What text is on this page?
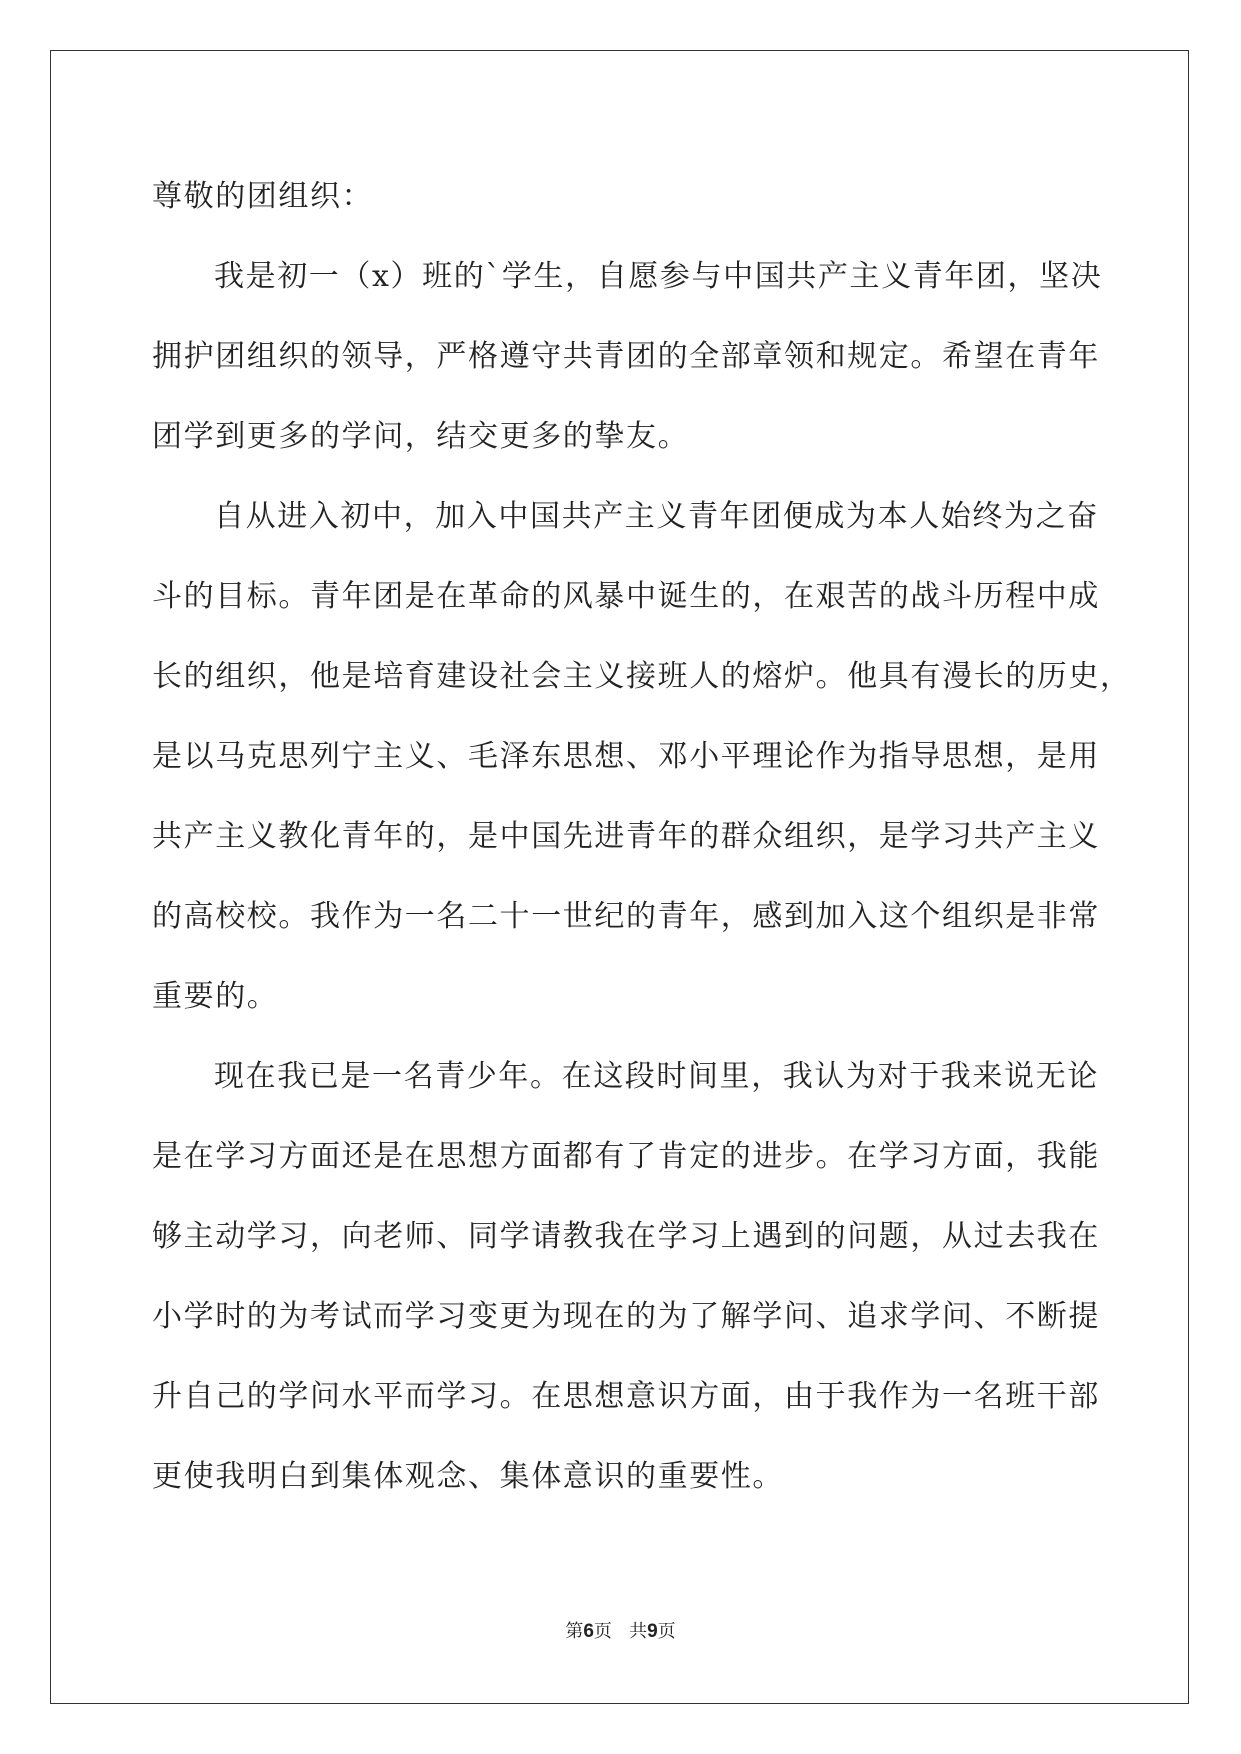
尊敬的团组织：
我是初一（x）班的`学生，自愿参与中国共产主义青年团，坚决
拥护团组织的领导，严格遵守共青团的全部章领和规定。希望在青年
团学到更多的学问，结交更多的挚友。
自从进入初中，加入中国共产主义青年团便成为本人始终为之奋
斗的目标。青年团是在革命的风暴中诞生的，在艰苦的战斗历程中成
长的组织，他是培育建设社会主义接班人的熔炉。他具有漫长的历史，
是以马克思列宁主义、毛泽东思想、邓小平理论作为指导思想，是用
共产主义教化青年的，是中国先进青年的群众组织，是学习共产主义
的高校校。我作为一名二十一世纪的青年，感到加入这个组织是非常
重要的。
现在我已是一名青少年。在这段时间里，我认为对于我来说无论
是在学习方面还是在思想方面都有了肯定的进步。在学习方面，我能
够主动学习，向老师、同学请教我在学习上遇到的问题，从过去我在
小学时的为考试而学习变更为现在的为了解学问、追求学问、不断提
升自己的学问水平而学习。在思想意识方面，由于我作为一名班干部
更使我明白到集体观念、集体意识的重要性。
第6页   共9页
